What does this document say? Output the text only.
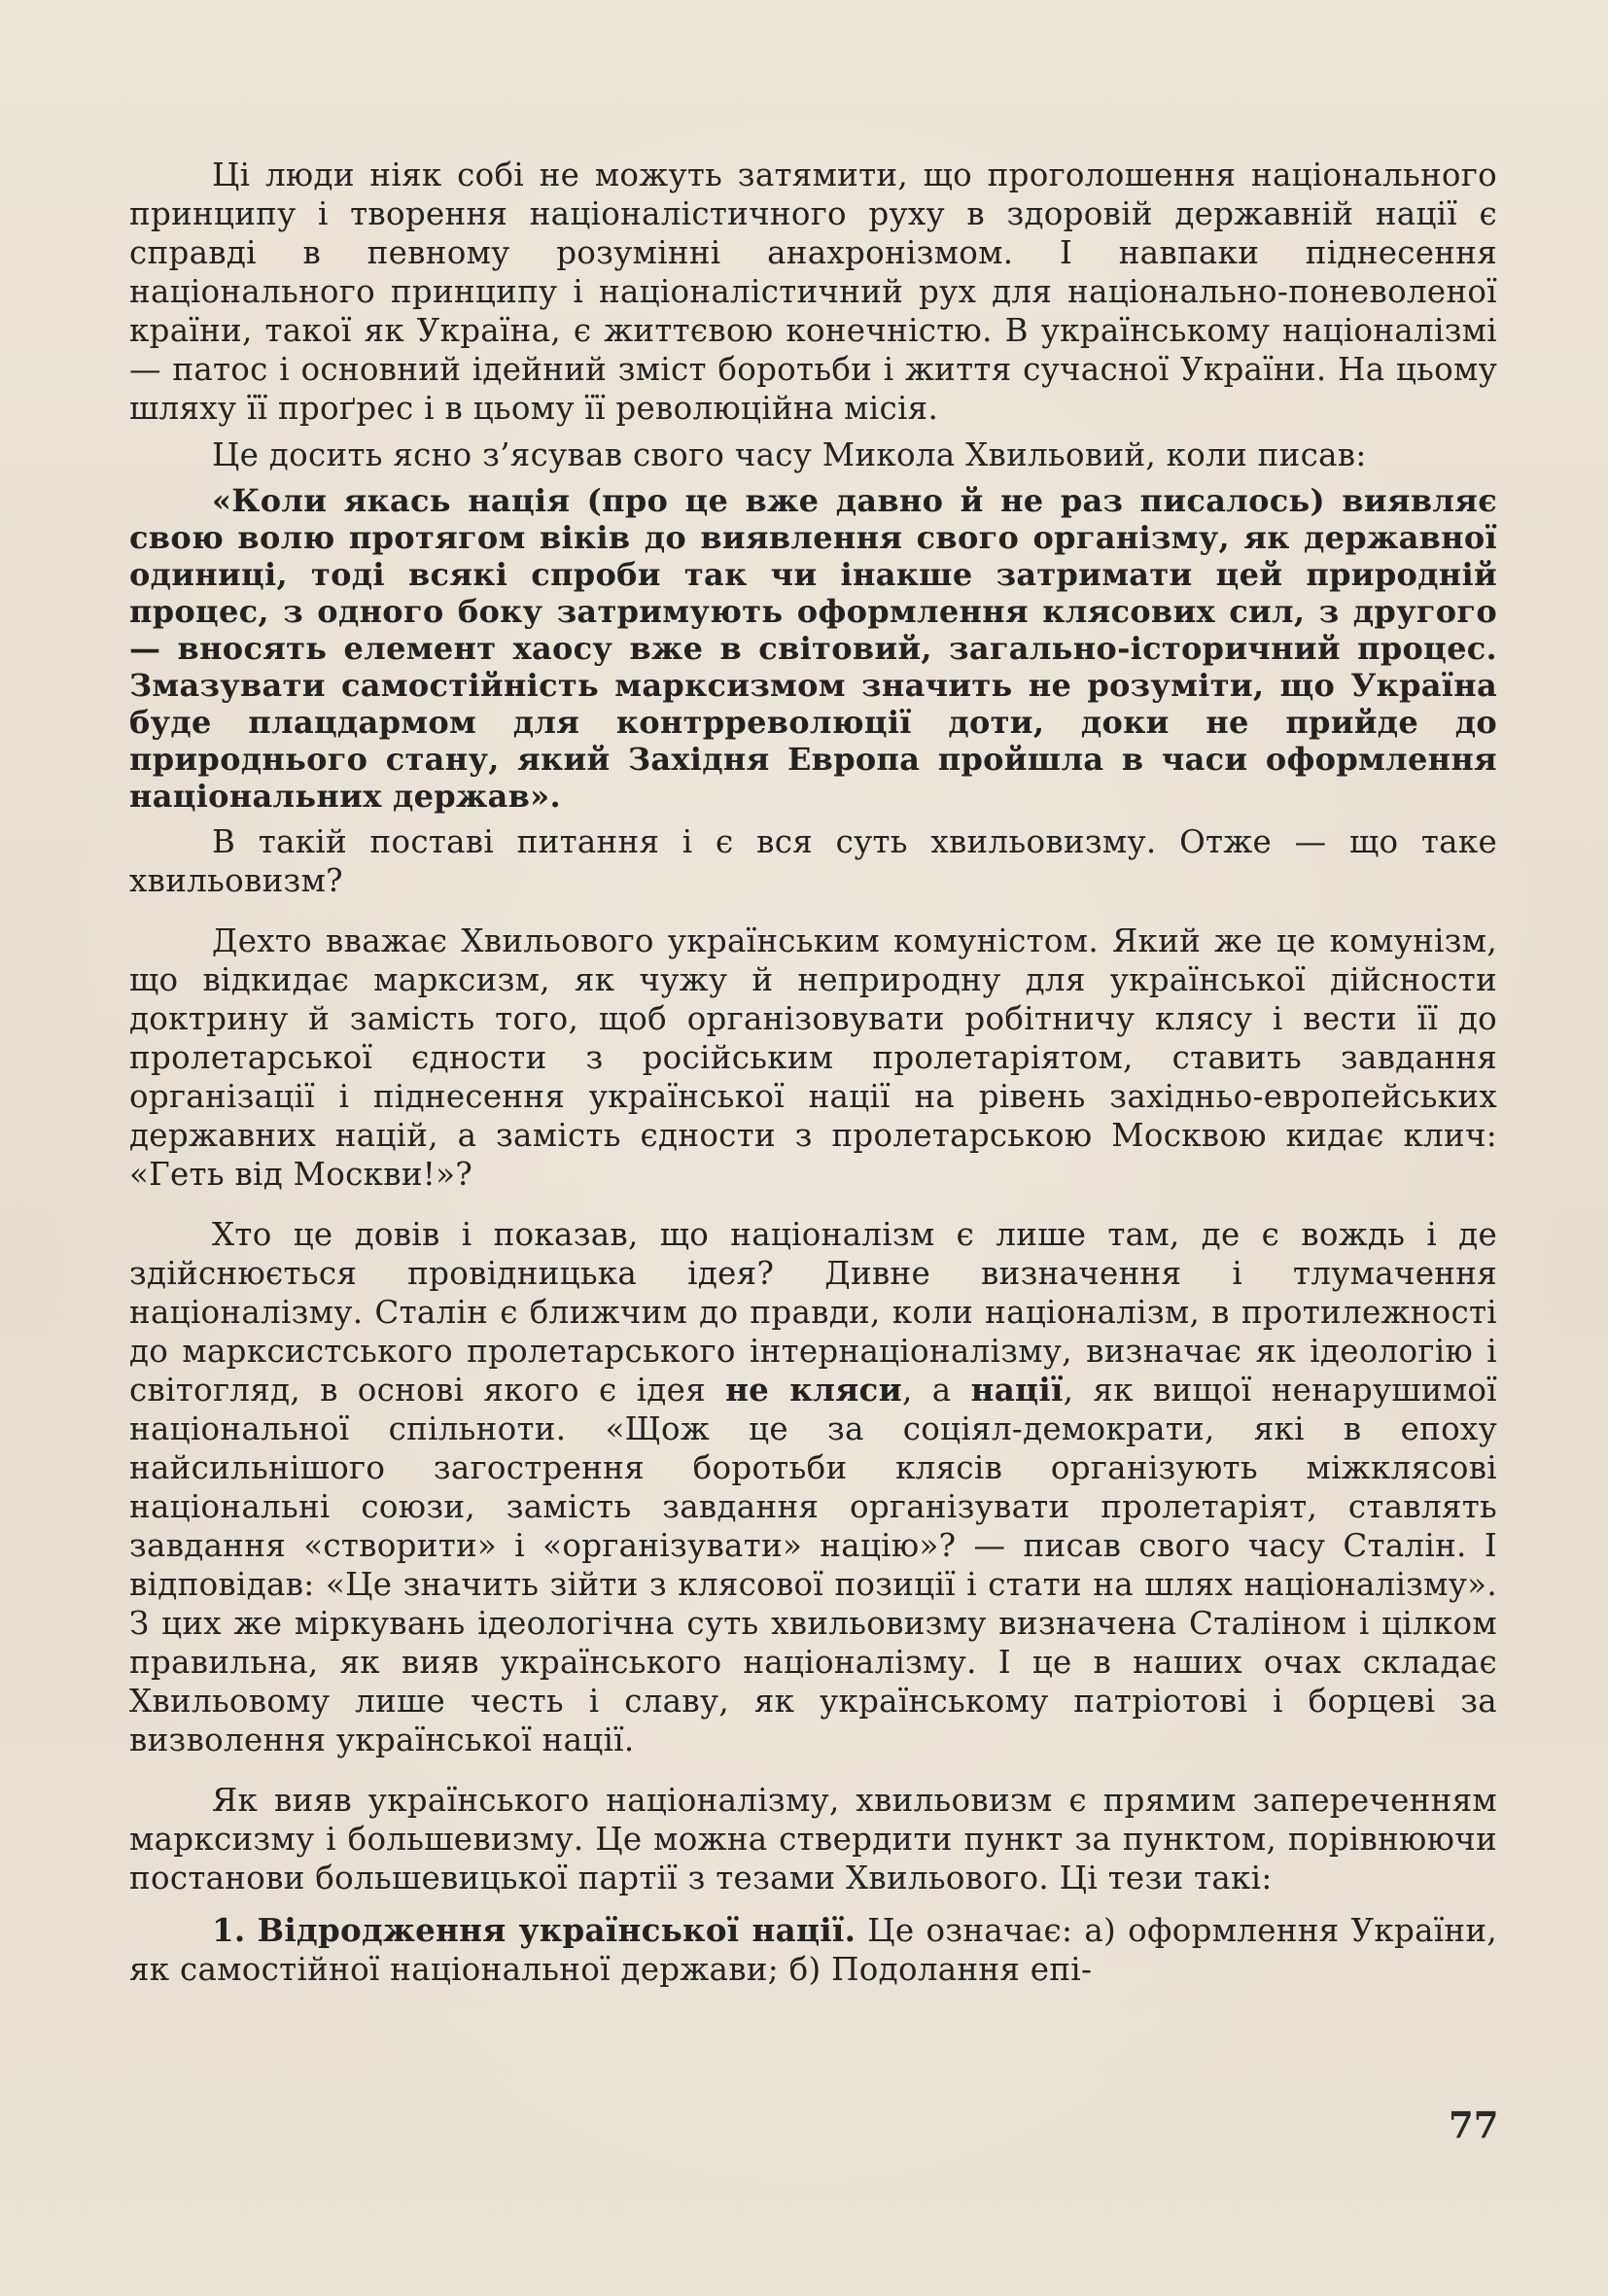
Ці люди ніяк собі не можуть затямити, що проголошення національного принципу і творення націоналістичного руху в здоровій державній нації є справді в певному розумінні анахронізмом. І навпаки піднесення національного принципу і націоналістичний рух для національно-поневоленої країни, такої як Україна, є життєвою конечністю. В українському націоналізмі — патос і основний ідейний зміст боротьби і життя сучасної України. На цьому шляху її проґрес і в цьому її революційна місія.

Це досить ясно з’ясував свого часу Микола Хвильовий, коли писав:

«Коли якась нація (про це вже давно й не раз писалось) виявляє свою волю протягом віків до виявлення свого організму, як державної одиниці, тоді всякі спроби так чи інакше затримати цей природній процес, з одного боку затримують оформлення клясових сил, з другого — вносять елемент хаосу вже в світовий, загально-історичний процес. Змазувати самостійність марксизмом значить не розуміти, що Україна буде плацдармом для контрреволюції доти, доки не прийде до природнього стану, який Західня Европа пройшла в часи оформлення національних держав».

В такій поставі питання і є вся суть хвильовизму. Отже — що таке хвильовизм?

Дехто вважає Хвильового українським комуністом. Який же це комунізм, що відкидає марксизм, як чужу й неприродну для української дійсности доктрину й замість того, щоб організовувати робітничу клясу і вести її до пролетарської єдности з російським пролетаріятом, ставить завдання організації і піднесення української нації на рівень західньо-европейських державних націй, а замість єдности з пролетарською Москвою кидає клич: «Геть від Москви!»?

Хто це довів і показав, що націоналізм є лише там, де є вождь і де здійснюється провідницька ідея? Дивне визначення і тлумачення націоналізму. Сталін є ближчим до правди, коли націоналізм, в протилежності до марксистського пролетарського інтернаціоналізму, визначає як ідеологію і світогляд, в основі якого є ідея не кляси, а нації, як вищої ненарушимої національної спільноти. «Щож це за соціял-демократи, які в епоху найсильнішого загострення боротьби клясів організують міжклясові національні союзи, замість завдання організувати пролетаріят, ставлять завдання «створити» і «організувати» націю»? — писав свого часу Сталін. І відповідав: «Це значить зійти з клясової позиції і стати на шлях націоналізму». З цих же міркувань ідеологічна суть хвильовизму визначена Сталіном і цілком правильна, як вияв українського націоналізму. І це в наших очах складає Хвильовому лише честь і славу, як українському патріотові і борцеві за визволення української нації.

Як вияв українського націоналізму, хвильовизм є прямим запереченням марксизму і большевизму. Це можна ствердити пункт за пунктом, порівнюючи постанови большевицької партії з тезами Хвильового. Ці тези такі:

1. Відродження української нації. Це означає: а) оформлення України, як самостійної національної держави; б) Подолання епі-

77
